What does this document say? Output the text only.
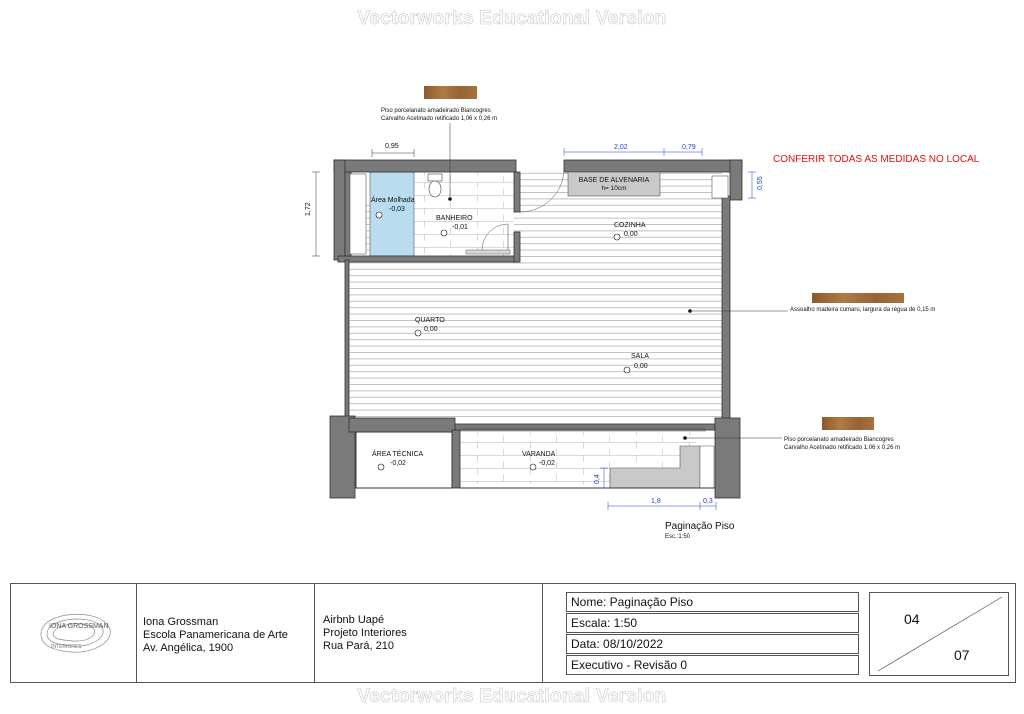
Vectorworks Educational Version
Vectorworks Educational Version
BASE DE ALVENARIA
h= 10cm
Área Molhada
-0,03
BANHEIRO
-0,01	COZINHA
0,00
QUARTO
0,00
SALA
0,00
ÁREA TÉCNICA
-0,02
VARANDA
-0,02
Piso porcelanato amadeirado Biancogres
Carvalho Acetinado retificado 1,06 x 0,26 m
Assoalho madeira cumaru, largura da régua de 0,15 m
Piso porcelanato amadeirado Biancogres
Carvalho Acetinado retificado 1,06 x 0,26 m
CONFERIR TODAS AS MEDIDAS NO LOCAL
0,95
1,72
2,02	0,79
0,55
0,4
1,8	0,3
Paginação Piso
Esc.:1:50
IONA GROSSMAN
INTERIORES
Iona Grossman
Escola Panamericana de Arte
Av. Angélica, 1900
Airbnb Uapé
Projeto Interiores
Rua Pará, 210
Nome: Paginação Piso
Escala: 1:50
Data: 08/10/2022
Executivo - Revisão 0
04
07
